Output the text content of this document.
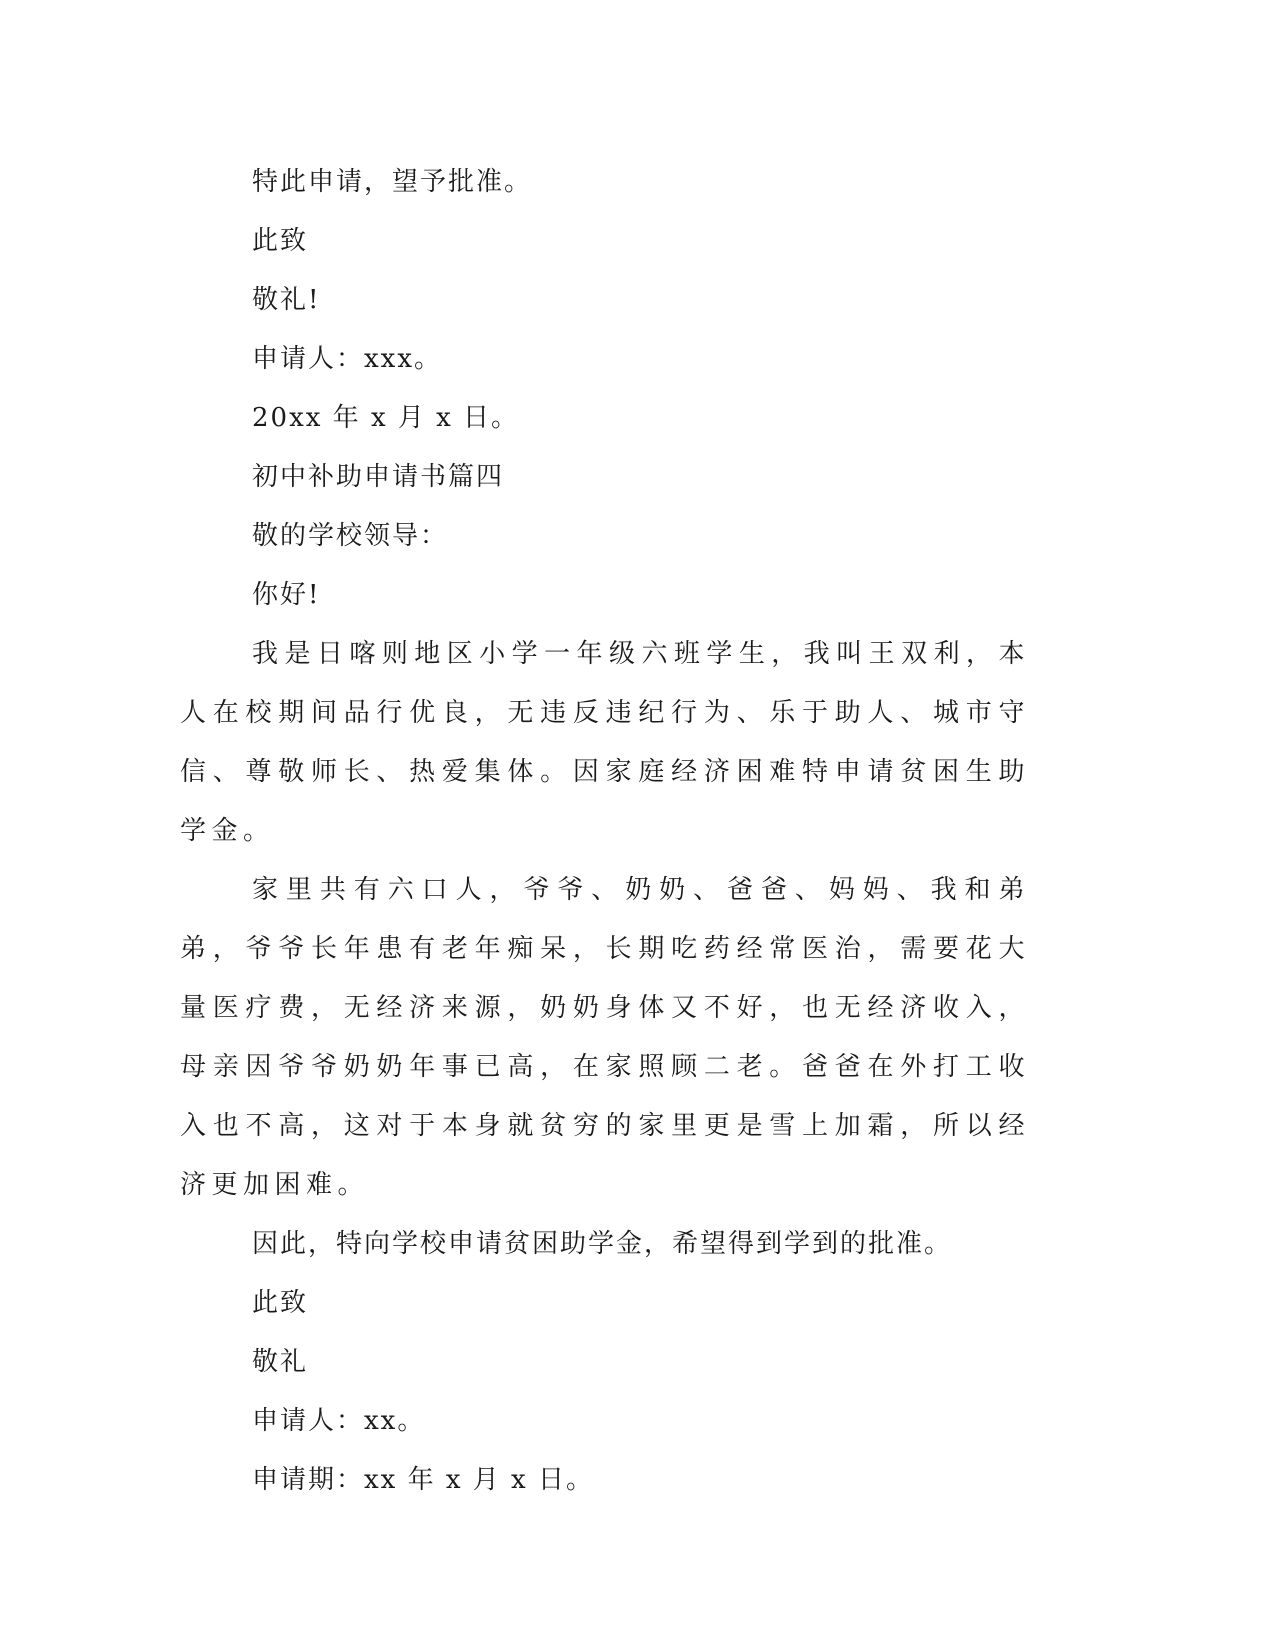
特此申请，望予批准。

此致

敬礼!

申请人：xxx。

20xx 年 x 月 x 日。

初中补助申请书篇四

敬的学校领导：

你好!

我是日喀则地区小学一年级六班学生，我叫王双利，本人在校期间品行优良，无违反违纪行为、乐于助人、城市守信、尊敬师长、热爱集体。因家庭经济困难特申请贫困生助学金。

家里共有六口人，爷爷、奶奶、爸爸、妈妈、我和弟弟，爷爷长年患有老年痴呆，长期吃药经常医治，需要花大量医疗费，无经济来源，奶奶身体又不好，也无经济收入，母亲因爷爷奶奶年事已高，在家照顾二老。爸爸在外打工收入也不高，这对于本身就贫穷的家里更是雪上加霜，所以经济更加困难。

因此，特向学校申请贫困助学金，希望得到学到的批准。

此致

敬礼

申请人：xx。

申请期：xx 年 x 月 x 日。
